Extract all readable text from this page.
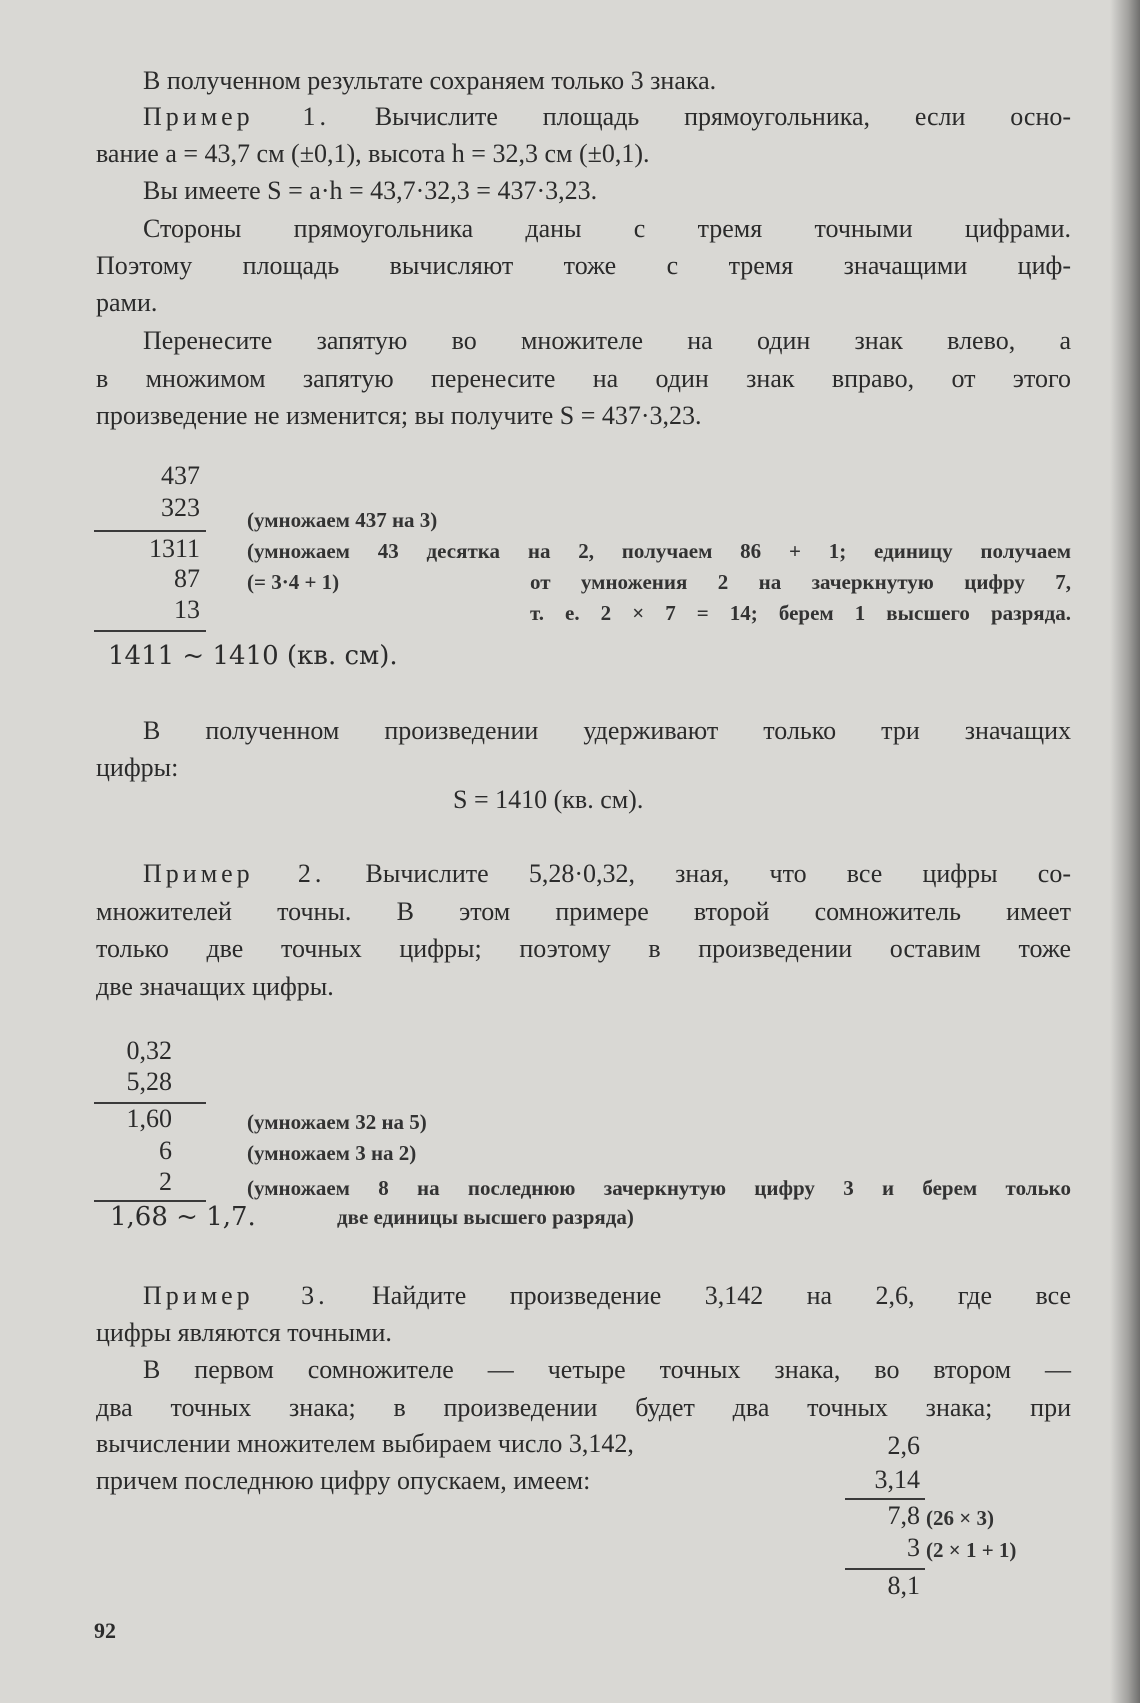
В полученном результате сохраняем только 3 знака.
Пример 1. Вычислите площадь прямоугольника, если осно-
вание a = 43,7 см (±0,1), высота h = 32,3 см (±0,1).
Вы имеете S = a·h = 43,7·32,3 = 437·3,23.
Стороны прямоугольника даны с тремя точными цифрами.
Поэтому площадь вычисляют тоже с тремя значащими циф-
рами.
Перенесите запятую во множителе на один знак влево, а
в множимом запятую перенесите на один знак вправо, от этого
произведение не изменится; вы получите S = 437·3,23.
437
323
1311
87
13
1411 ~ 1410 (кв. см).
(умножаем 437 на 3)
(умножаем 43 десятка на 2, получаем 86 + 1; единицу получаем
(= 3·4 + 1)	от умножения 2 на зачеркнутую цифру 7,
т. е. 2 × 7 = 14; берем 1 высшего разряда.
В полученном произведении удерживают только три значащих
цифры:
S = 1410 (кв. см).
Пример 2. Вычислите 5,28·0,32, зная, что все цифры со-
множителей точны. В этом примере второй сомножитель имеет
только две точных цифры; поэтому в произведении оставим тоже
две значащих цифры.
0,32
5,28
1,60
6
2
1,68 ~ 1,7.
(умножаем 32 на 5)
(умножаем 3 на 2)
(умножаем 8 на последнюю зачеркнутую цифру 3 и берем только
две единицы высшего разряда)
Пример 3. Найдите произведение 3,142 на 2,6, где все
цифры являются точными.
В первом сомножителе — четыре точных знака, во втором —
два точных знака; в произведении будет два точных знака; при
вычислении множителем выбираем число 3,142,
причем последнюю цифру опускаем, имеем:
2,6
3,14
7,8
3
8,1
(26 × 3)
(2 × 1 + 1)
92
